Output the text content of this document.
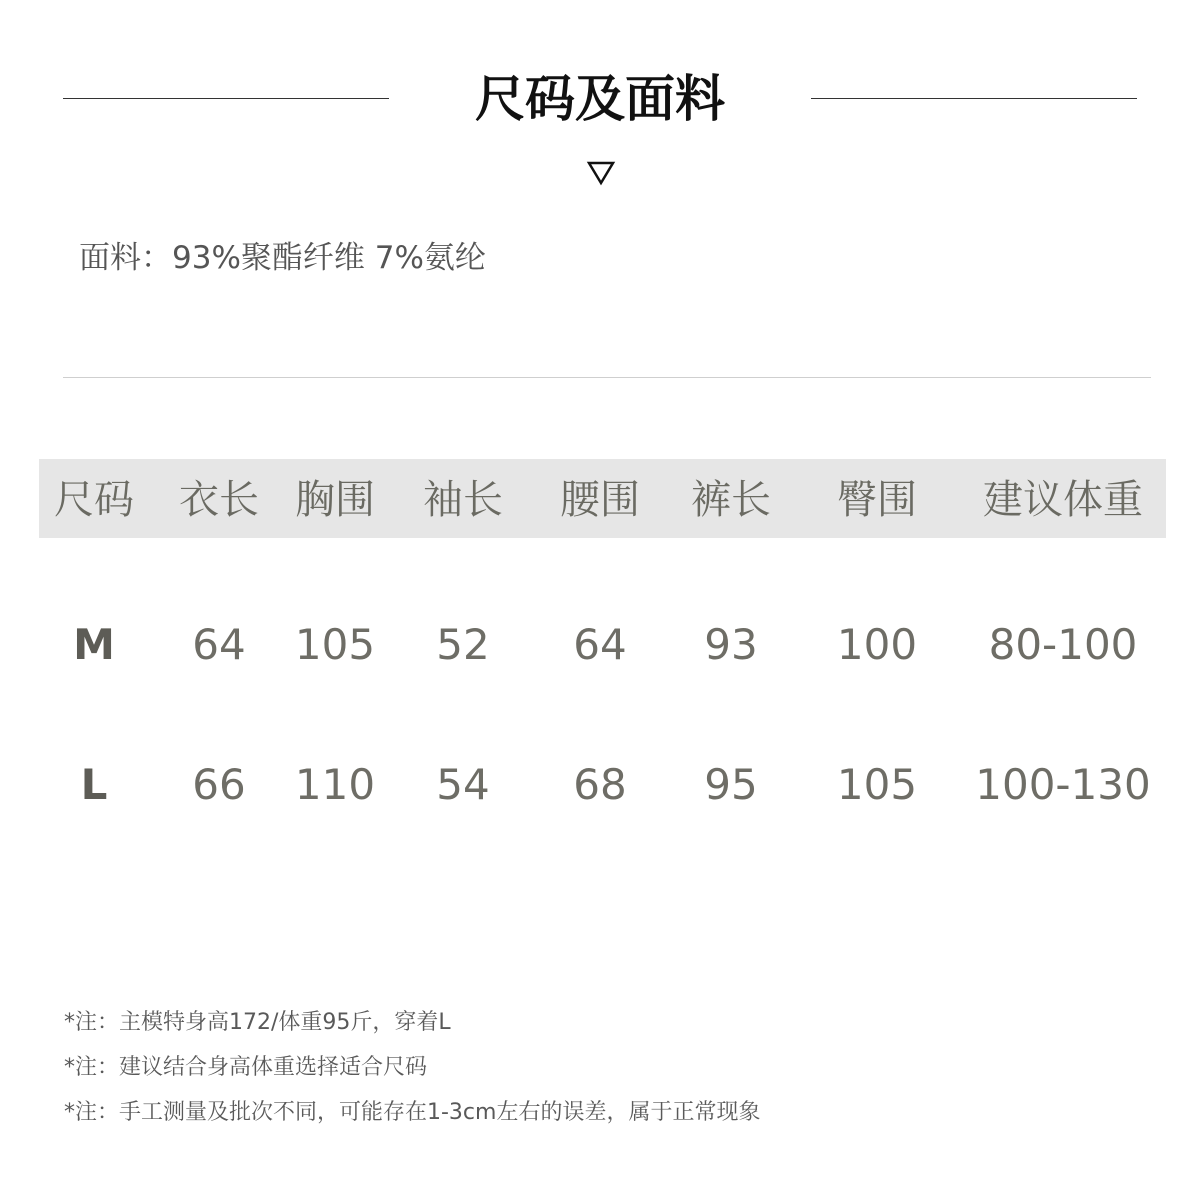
尺码及面料
面料：93%聚酯纤维 7%氨纶
尺码 衣长 胸围 袖长 腰围 裤长 臀围 建议体重
M 64 105 52 64 93 100 80-100
L 66 110 54 68 95 105 100-130
*注：主模特身高172/体重95斤，穿着L
*注：建议结合身高体重选择适合尺码
*注：手工测量及批次不同，可能存在1-3cm左右的误差，属于正常现象
